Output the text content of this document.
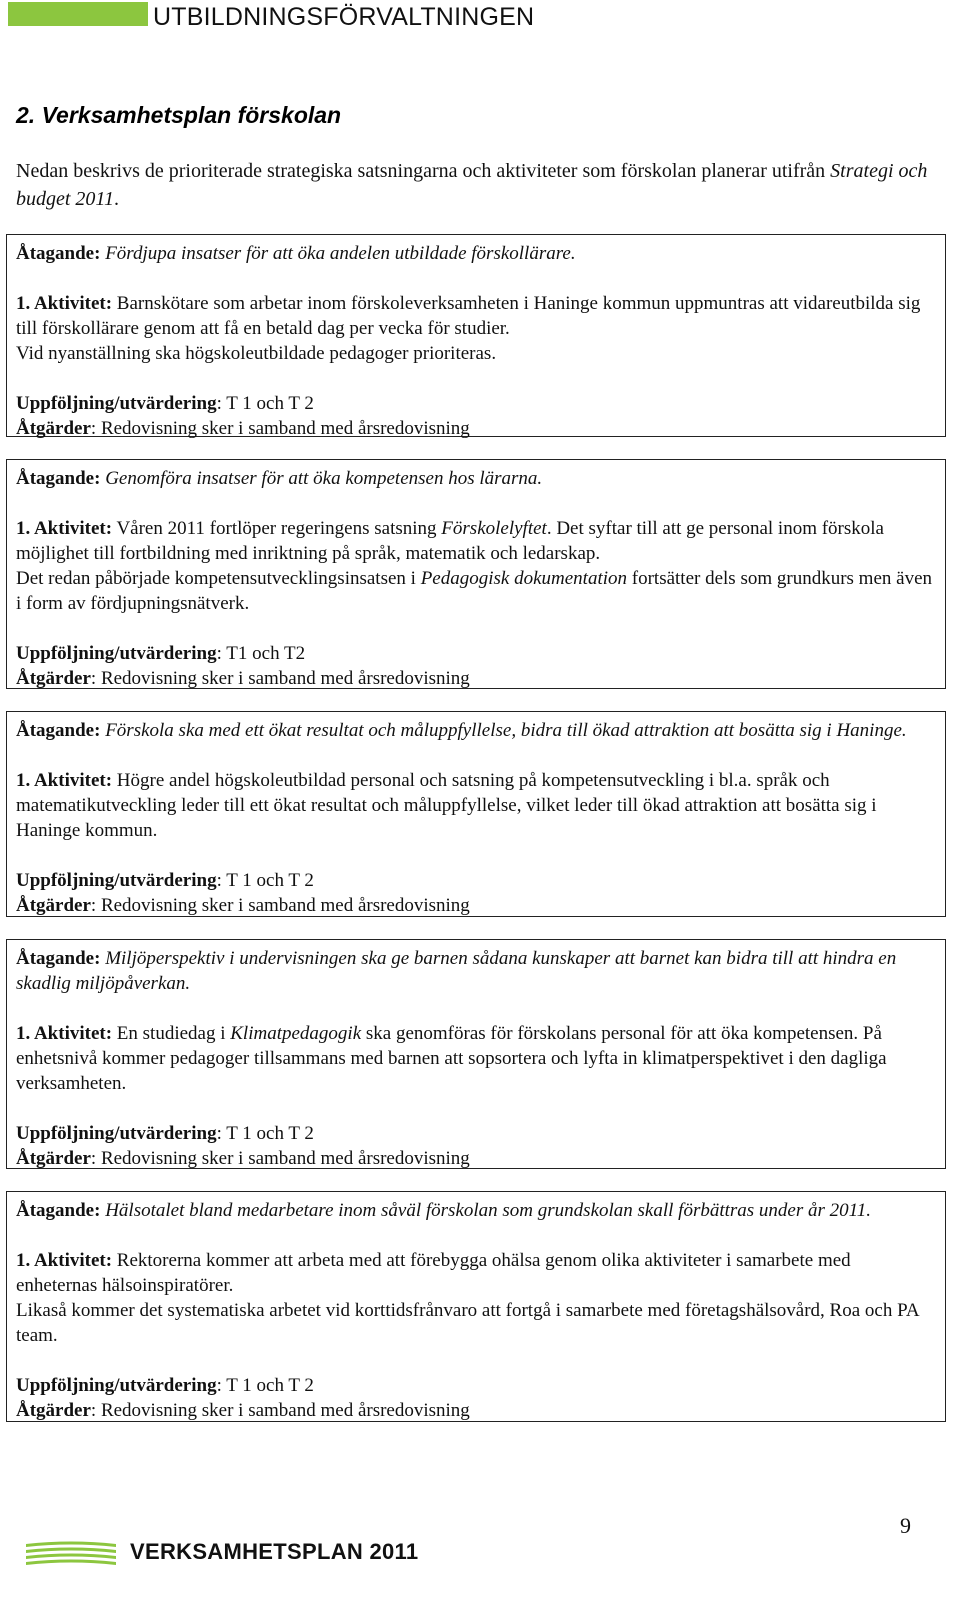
UTBILDNINGSFÖRVALTNINGEN
2. Verksamhetsplan förskolan

Nedan beskrivs de prioriterade strategiska satsningarna och aktiviteter som förskolan planerar utifrån Strategi och budget 2011.

Åtagande: Fördjupa insatser för att öka andelen utbildade förskollärare.

1. Aktivitet: Barnskötare som arbetar inom förskoleverksamheten i Haninge kommun uppmuntras att vidareutbilda sig till förskollärare genom att få en betald dag per vecka för studier.

Vid nyanställning ska högskoleutbildade pedagoger prioriteras.

Uppföljning/utvärdering: T 1 och T 2

Åtgärder: Redovisning sker i samband med årsredovisning

Åtagande: Genomföra insatser för att öka kompetensen hos lärarna.

1. Aktivitet: Våren 2011 fortlöper regeringens satsning Förskolelyftet. Det syftar till att ge personal inom förskola möjlighet till fortbildning med inriktning på språk, matematik och ledarskap.

Det redan påbörjade kompetensutvecklingsinsatsen i Pedagogisk dokumentation fortsätter dels som grundkurs men även i form av fördjupningsnätverk.

Uppföljning/utvärdering: T1 och T2

Åtgärder: Redovisning sker i samband med årsredovisning

Åtagande: Förskola ska med ett ökat resultat och måluppfyllelse, bidra till ökad attraktion att bosätta sig i Haninge.

1. Aktivitet: Högre andel högskoleutbildad personal och satsning på kompetensutveckling i bl.a. språk och matematikutveckling leder till ett ökat resultat och måluppfyllelse, vilket leder till ökad attraktion att bosätta sig i Haninge kommun.

Uppföljning/utvärdering: T 1 och T 2

Åtgärder: Redovisning sker i samband med årsredovisning

Åtagande: Miljöperspektiv i undervisningen ska ge barnen sådana kunskaper att barnet kan bidra till att hindra en skadlig miljöpåverkan.

1. Aktivitet: En studiedag i Klimatpedagogik ska genomföras för förskolans personal för att öka kompetensen. På enhetsnivå kommer pedagoger tillsammans med barnen att sopsortera och lyfta in klimatperspektivet i den dagliga verksamheten.

Uppföljning/utvärdering: T 1 och T 2

Åtgärder: Redovisning sker i samband med årsredovisning

Åtagande: Hälsotalet bland medarbetare inom såväl förskolan som grundskolan skall förbättras under år 2011.

1. Aktivitet: Rektorerna kommer att arbeta med att förebygga ohälsa genom olika aktiviteter i samarbete med enheternas hälsoinspiratörer.

Likaså kommer det systematiska arbetet vid korttidsfrånvaro att fortgå i samarbete med företagshälsovård, Roa och PA team.

Uppföljning/utvärdering: T 1 och T 2

Åtgärder: Redovisning sker i samband med årsredovisning

9
VERKSAMHETSPLAN 2011
